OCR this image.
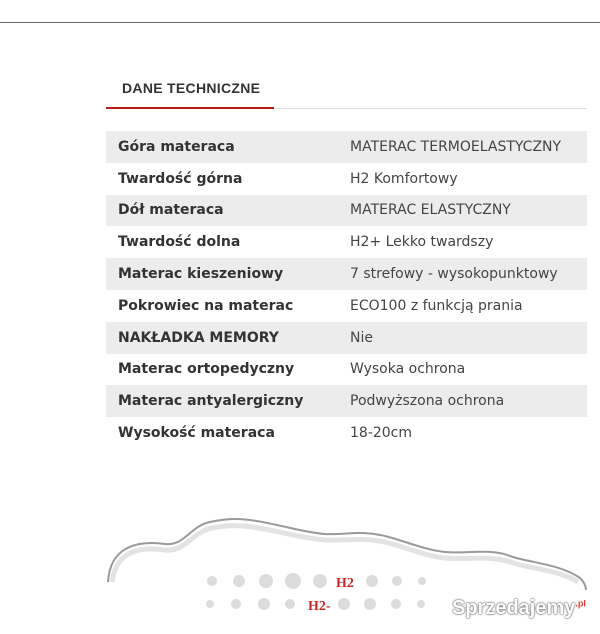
DANE TECHNICZNE
Góra materaca	MATERAC TERMOELASTYCZNY
Twardość górna	H2 Komfortowy
Dół materaca	MATERAC ELASTYCZNY
Twardość dolna	H2+ Lekko twardszy
Materac kieszeniowy	7 strefowy - wysokopunktowy
Pokrowiec na materac	ECO100 z funkcją prania
NAKŁADKA MEMORY	Nie
Materac ortopedyczny	Wysoka ochrona
Materac antyalergiczny	Podwyższona ochrona
Wysokość materaca	18-20cm
H2
H2-	Sprzedajemy$^{.pl}$
